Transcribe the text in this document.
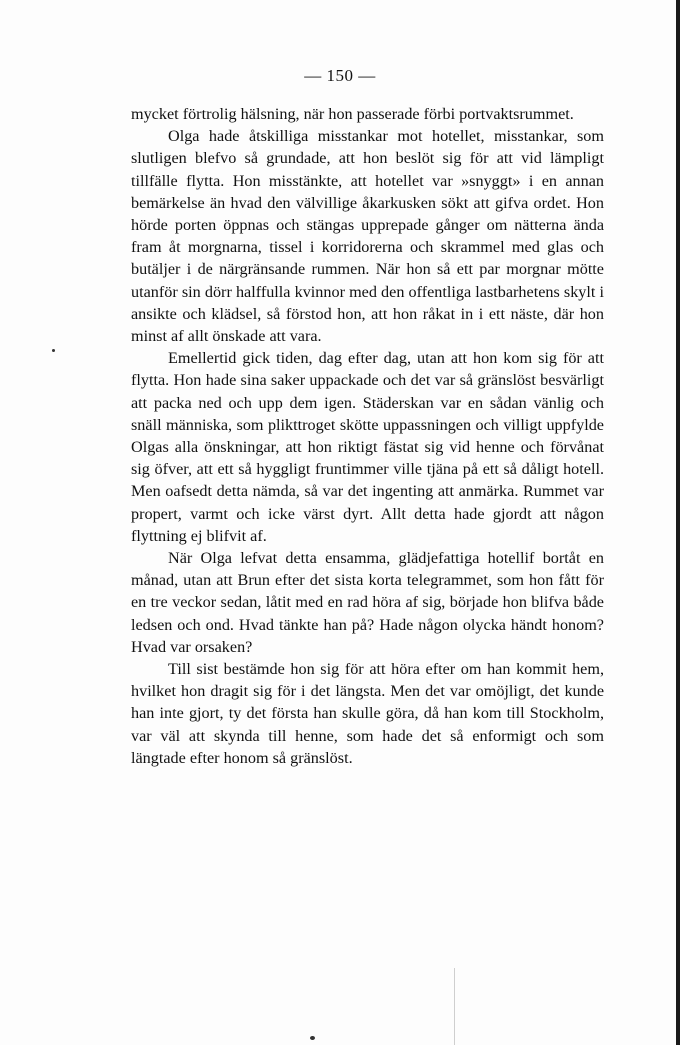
— 150 —

mycket förtrolig hälsning, när hon passerade förbi portvaktsrummet.

Olga hade åtskilliga misstankar mot hotellet, misstankar, som slutligen blefvo så grundade, att hon beslöt sig för att vid lämpligt tillfälle flytta. Hon misstänkte, att hotellet var »snyggt» i en annan bemärkelse än hvad den välvillige åkarkusken sökt att gifva ordet. Hon hörde porten öppnas och stängas upprepade gånger om nätterna ända fram åt morgnarna, tissel i korridorerna och skrammel med glas och butäljer i de närgränsande rummen. När hon så ett par morgnar mötte utanför sin dörr halffulla kvinnor med den offentliga lastbarhetens skylt i ansikte och klädsel, så förstod hon, att hon råkat in i ett näste, där hon minst af allt önskade att vara.

Emellertid gick tiden, dag efter dag, utan att hon kom sig för att flytta. Hon hade sina saker uppackade och det var så gränslöst besvärligt att packa ned och upp dem igen. Städerskan var en sådan vänlig och snäll människa, som plikttroget skötte uppassningen och villigt uppfylde Olgas alla önskningar, att hon riktigt fästat sig vid henne och förvånat sig öfver, att ett så hyggligt fruntimmer ville tjäna på ett så dåligt hotell. Men oafsedt detta nämda, så var det ingenting att anmärka. Rummet var propert, varmt och icke värst dyrt. Allt detta hade gjordt att någon flyttning ej blifvit af.

När Olga lefvat detta ensamma, glädjefattiga hotellif bortåt en månad, utan att Brun efter det sista korta telegrammet, som hon fått för en tre veckor sedan, låtit med en rad höra af sig, började hon blifva både ledsen och ond. Hvad tänkte han på? Hade någon olycka händt honom? Hvad var orsaken?

Till sist bestämde hon sig för att höra efter om han kommit hem, hvilket hon dragit sig för i det längsta. Men det var omöjligt, det kunde han inte gjort, ty det första han skulle göra, då han kom till Stockholm, var väl att skynda till henne, som hade det så enformigt och som längtade efter honom så gränslöst.
